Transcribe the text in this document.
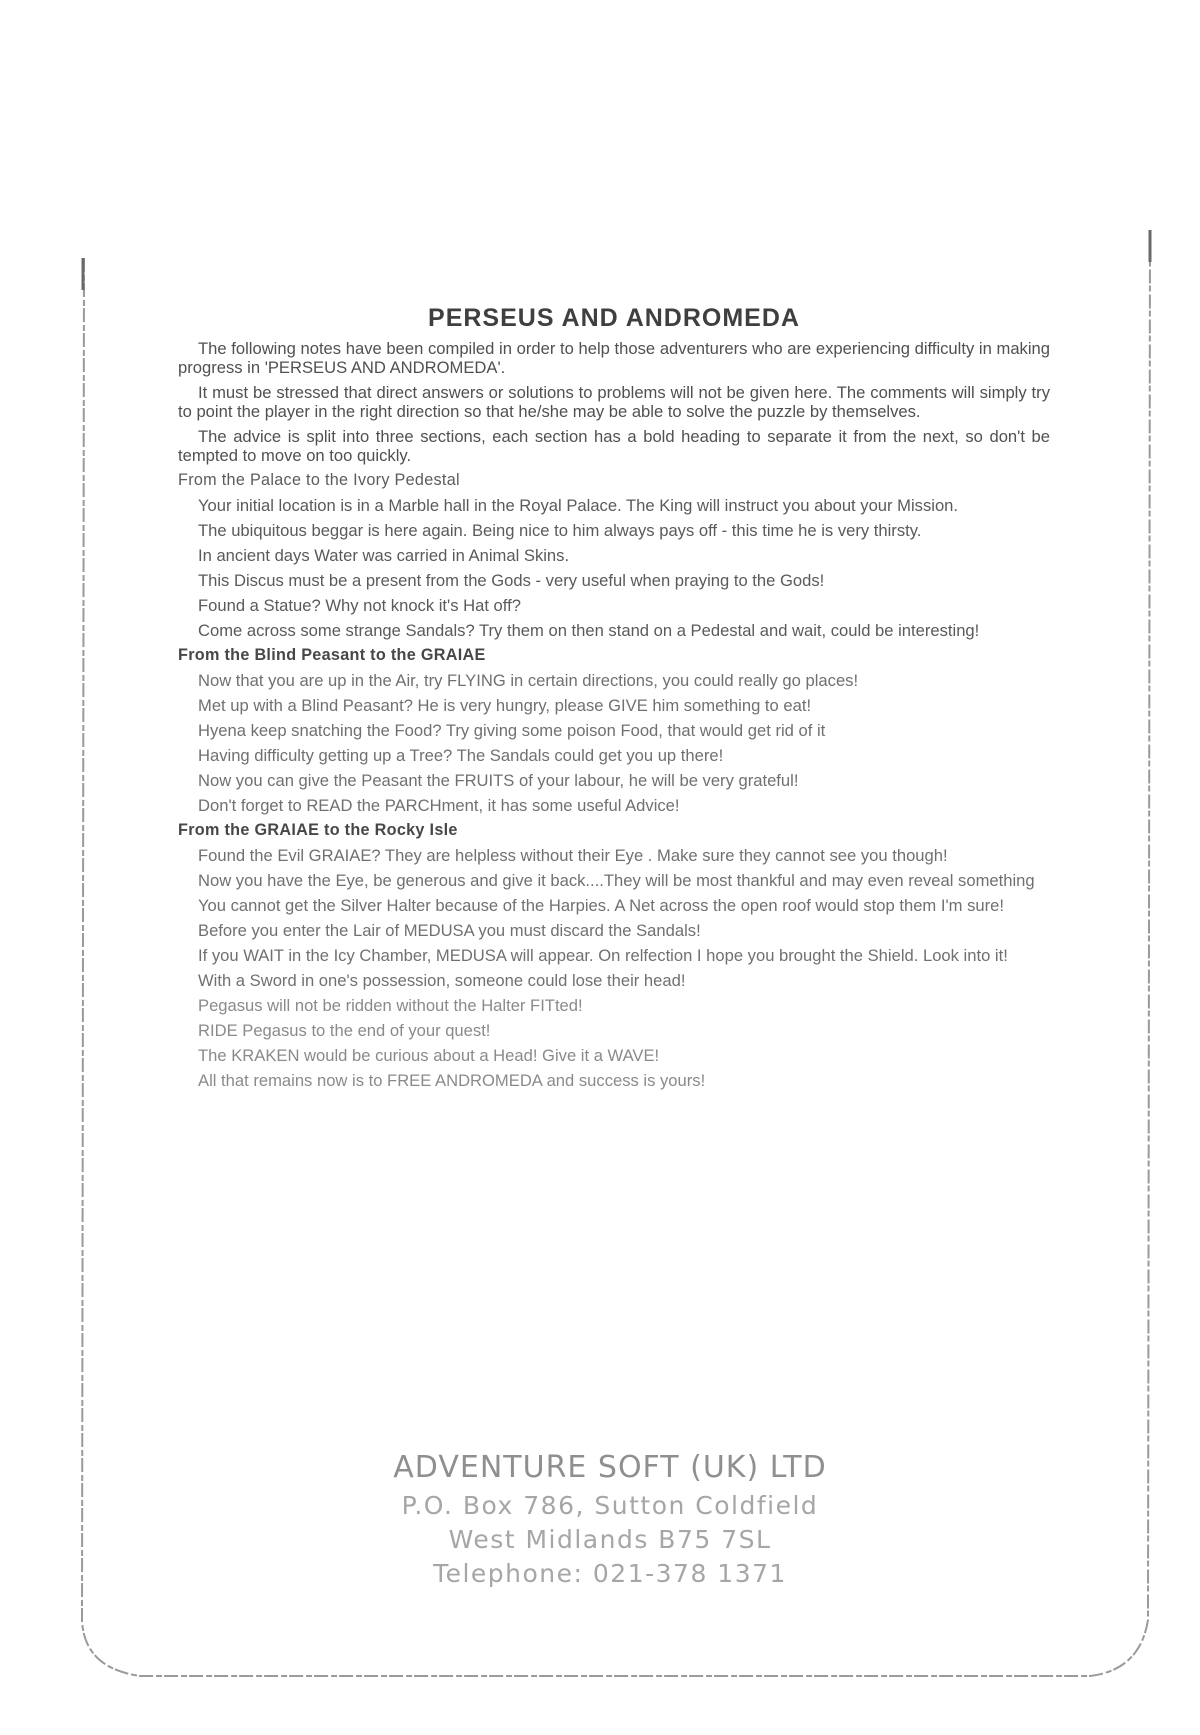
PERSEUS AND ANDROMEDA

The following notes have been compiled in order to help those adventurers who are experiencing difficulty in making progress in 'PERSEUS AND ANDROMEDA'.

It must be stressed that direct answers or solutions to problems will not be given here. The comments will simply try to point the player in the right direction so that he/she may be able to solve the puzzle by themselves.

The advice is split into three sections, each section has a bold heading to separate it from the next, so don't be tempted to move on too quickly.

From the Palace to the Ivory Pedestal

Your initial location is in a Marble hall in the Royal Palace. The King will instruct you about your Mission.

The ubiquitous beggar is here again. Being nice to him always pays off - this time he is very thirsty.

In ancient days Water was carried in Animal Skins.

This Discus must be a present from the Gods - very useful when praying to the Gods!

Found a Statue? Why not knock it's Hat off?

Come across some strange Sandals? Try them on then stand on a Pedestal and wait, could be interesting!

From the Blind Peasant to the GRAIAE

Now that you are up in the Air, try FLYING in certain directions, you could really go places!

Met up with a Blind Peasant? He is very hungry, please GIVE him something to eat!

Hyena keep snatching the Food? Try giving some poison Food, that would get rid of it

Having difficulty getting up a Tree? The Sandals could get you up there!

Now you can give the Peasant the FRUITS of your labour, he will be very grateful!

Don't forget to READ the PARCHment, it has some useful Advice!

From the GRAIAE to the Rocky Isle

Found the Evil GRAIAE? They are helpless without their Eye . Make sure they cannot see you though!

Now you have the Eye, be generous and give it back....They will be most thankful and may even reveal something

You cannot get the Silver Halter because of the Harpies. A Net across the open roof would stop them I'm sure!

Before you enter the Lair of MEDUSA you must discard the Sandals!

If you WAIT in the Icy Chamber, MEDUSA will appear. On relfection I hope you brought the Shield. Look into it!

With a Sword in one's possession, someone could lose their head!

Pegasus will not be ridden without the Halter FITted!

RIDE Pegasus to the end of your quest!

The KRAKEN would be curious about a Head! Give it a WAVE!

All that remains now is to FREE ANDROMEDA and success is yours!

ADVENTURE SOFT (UK) LTD
P.O. Box 786, Sutton Coldfield
West Midlands B75 7SL
Telephone: 021-378 1371
